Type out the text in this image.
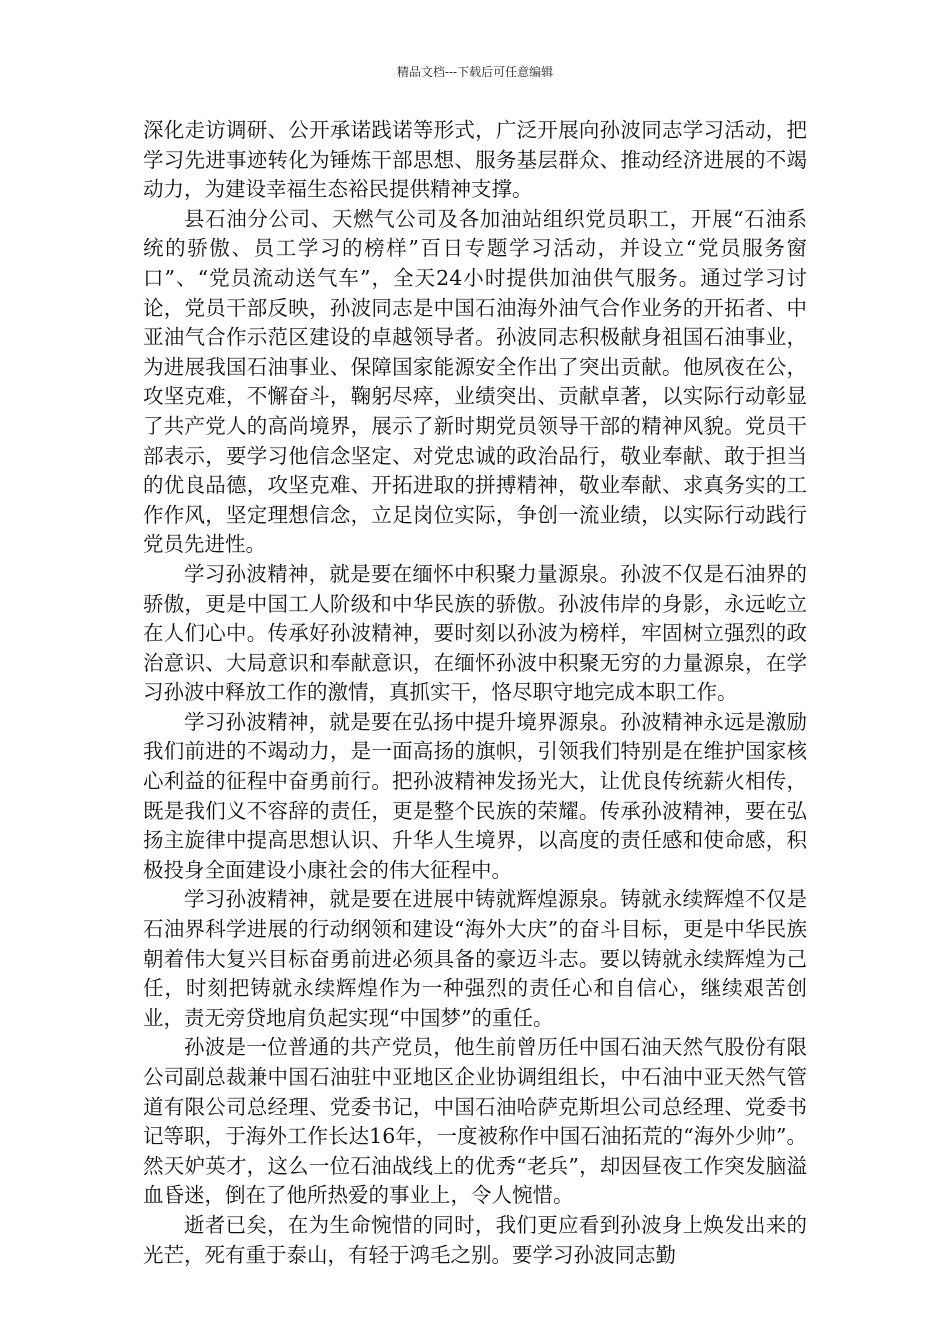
精品文档---下载后可任意编辑

深化走访调研、公开承诺践诺等形式，广泛开展向孙波同志学习活动，把学习先进事迹转化为锤炼干部思想、服务基层群众、推动经济进展的不竭动力，为建设幸福生态裕民提供精神支撑。

县石油分公司、天燃气公司及各加油站组织党员职工，开展“石油系统的骄傲、员工学习的榜样”百日专题学习活动，并设立“党员服务窗口”、“党员流动送气车”，全天24小时提供加油供气服务。通过学习讨论，党员干部反映，孙波同志是中国石油海外油气合作业务的开拓者、中亚油气合作示范区建设的卓越领导者。孙波同志积极献身祖国石油事业，为进展我国石油事业、保障国家能源安全作出了突出贡献。他夙夜在公，攻坚克难，不懈奋斗，鞠躬尽瘁，业绩突出、贡献卓著，以实际行动彰显了共产党人的高尚境界，展示了新时期党员领导干部的精神风貌。党员干部表示，要学习他信念坚定、对党忠诚的政治品行，敬业奉献、敢于担当的优良品德，攻坚克难、开拓进取的拼搏精神，敬业奉献、求真务实的工作作风，坚定理想信念，立足岗位实际，争创一流业绩，以实际行动践行党员先进性。

学习孙波精神，就是要在缅怀中积聚力量源泉。孙波不仅是石油界的骄傲，更是中国工人阶级和中华民族的骄傲。孙波伟岸的身影，永远屹立在人们心中。传承好孙波精神，要时刻以孙波为榜样，牢固树立强烈的政治意识、大局意识和奉献意识，在缅怀孙波中积聚无穷的力量源泉，在学习孙波中释放工作的激情，真抓实干，恪尽职守地完成本职工作。

学习孙波精神，就是要在弘扬中提升境界源泉。孙波精神永远是激励我们前进的不竭动力，是一面高扬的旗帜，引领我们特别是在维护国家核心利益的征程中奋勇前行。把孙波精神发扬光大，让优良传统薪火相传，既是我们义不容辞的责任，更是整个民族的荣耀。传承孙波精神，要在弘扬主旋律中提高思想认识、升华人生境界，以高度的责任感和使命感，积极投身全面建设小康社会的伟大征程中。

学习孙波精神，就是要在进展中铸就辉煌源泉。铸就永续辉煌不仅是石油界科学进展的行动纲领和建设“海外大庆”的奋斗目标，更是中华民族朝着伟大复兴目标奋勇前进必须具备的豪迈斗志。要以铸就永续辉煌为己任，时刻把铸就永续辉煌作为一种强烈的责任心和自信心，继续艰苦创业，责无旁贷地肩负起实现“中国梦”的重任。

孙波是一位普通的共产党员，他生前曾历任中国石油天然气股份有限公司副总裁兼中国石油驻中亚地区企业协调组组长，中石油中亚天然气管道有限公司总经理、党委书记，中国石油哈萨克斯坦公司总经理、党委书记等职，于海外工作长达16年，一度被称作中国石油拓荒的“海外少帅”。然天妒英才，这么一位石油战线上的优秀“老兵”，却因昼夜工作突发脑溢血昏迷，倒在了他所热爱的事业上，令人惋惜。

逝者已矣，在为生命惋惜的同时，我们更应看到孙波身上焕发出来的光芒，死有重于泰山，有轻于鸿毛之别。要学习孙波同志勤
